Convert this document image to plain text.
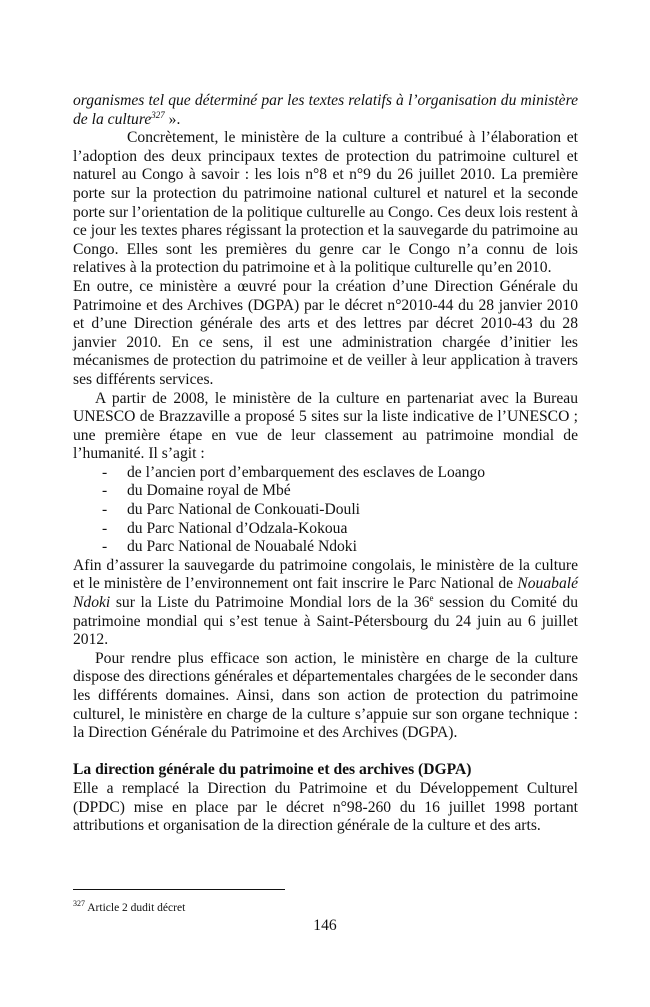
organismes tel que déterminé par les textes relatifs à l’organisation du ministère de la culture$^{327}$ ».

Concrètement, le ministère de la culture a contribué à l’élaboration et l’adoption des deux principaux textes de protection du patrimoine culturel et naturel au Congo à savoir : les lois n°8 et n°9 du 26 juillet 2010. La première porte sur la protection du patrimoine national culturel et naturel et la seconde porte sur l’orientation de la politique culturelle au Congo. Ces deux lois restent à ce jour les textes phares régissant la protection et la sauvegarde du patrimoine au Congo. Elles sont les premières du genre car le Congo n’a connu de lois relatives à la protection du patrimoine et à la politique culturelle qu’en 2010.

En outre, ce ministère a œuvré pour la création d’une Direction Générale du Patrimoine et des Archives (DGPA) par le décret n°2010-44 du 28 janvier 2010 et d’une Direction générale des arts et des lettres par décret 2010-43 du 28 janvier 2010. En ce sens, il est une administration chargée d’initier les mécanismes de protection du patrimoine et de veiller à leur application à travers ses différents services.

A partir de 2008, le ministère de la culture en partenariat avec la Bureau UNESCO de Brazzaville a proposé 5 sites sur la liste indicative de l’UNESCO ; une première étape en vue de leur classement au patrimoine mondial de l’humanité. Il s’agit :

- de l’ancien port d’embarquement des esclaves de Loango
- du Domaine royal de Mbé
- du Parc National de Conkouati-Douli
- du Parc National d’Odzala-Kokoua
- du Parc National de Nouabalé Ndoki

Afin d’assurer la sauvegarde du patrimoine congolais, le ministère de la culture et le ministère de l’environnement ont fait inscrire le Parc National de Nouabalé Ndoki sur la Liste du Patrimoine Mondial lors de la 36e session du Comité du patrimoine mondial qui s’est tenue à Saint-Pétersbourg du 24 juin au 6 juillet 2012.

Pour rendre plus efficace son action, le ministère en charge de la culture dispose des directions générales et départementales chargées de le seconder dans les différents domaines. Ainsi, dans son action de protection du patrimoine culturel, le ministère en charge de la culture s’appuie sur son organe technique : la Direction Générale du Patrimoine et des Archives (DGPA).

La direction générale du patrimoine et des archives (DGPA)

Elle a remplacé la Direction du Patrimoine et du Développement Culturel (DPDC) mise en place par le décret n°98-260 du 16 juillet 1998 portant attributions et organisation de la direction générale de la culture et des arts.

$^{327}$ Article 2 dudit décret
146
